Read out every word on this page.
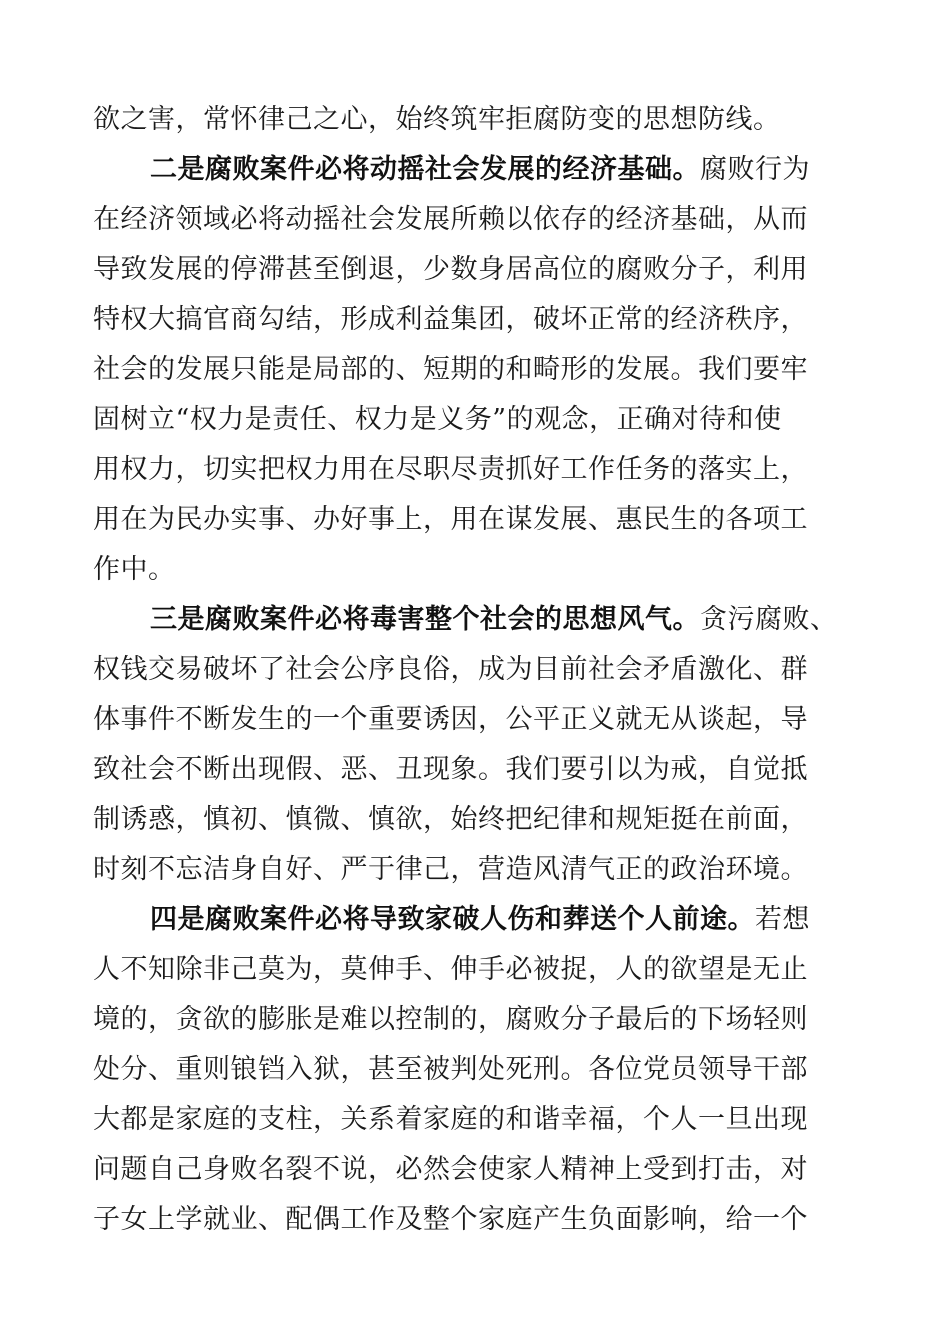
欲之害，常怀律己之心，始终筑牢拒腐防变的思想防线。
二是腐败案件必将动摇社会发展的经济基础。腐败行为
在经济领域必将动摇社会发展所赖以依存的经济基础，从而
导致发展的停滞甚至倒退，少数身居高位的腐败分子，利用
特权大搞官商勾结，形成利益集团，破坏正常的经济秩序，
社会的发展只能是局部的、短期的和畸形的发展。我们要牢
固树立“权力是责任、权力是义务”的观念，正确对待和使
用权力，切实把权力用在尽职尽责抓好工作任务的落实上，
用在为民办实事、办好事上，用在谋发展、惠民生的各项工
作中。
三是腐败案件必将毒害整个社会的思想风气。贪污腐败、
权钱交易破坏了社会公序良俗，成为目前社会矛盾激化、群
体事件不断发生的一个重要诱因，公平正义就无从谈起，导
致社会不断出现假、恶、丑现象。我们要引以为戒，自觉抵
制诱惑，慎初、慎微、慎欲，始终把纪律和规矩挺在前面，
时刻不忘洁身自好、严于律己，营造风清气正的政治环境。
四是腐败案件必将导致家破人伤和葬送个人前途。若想
人不知除非己莫为，莫伸手、伸手必被捉，人的欲望是无止
境的，贪欲的膨胀是难以控制的，腐败分子最后的下场轻则
处分、重则锒铛入狱，甚至被判处死刑。各位党员领导干部
大都是家庭的支柱，关系着家庭的和谐幸福，个人一旦出现
问题自己身败名裂不说，必然会使家人精神上受到打击，对
子女上学就业、配偶工作及整个家庭产生负面影响，给一个
